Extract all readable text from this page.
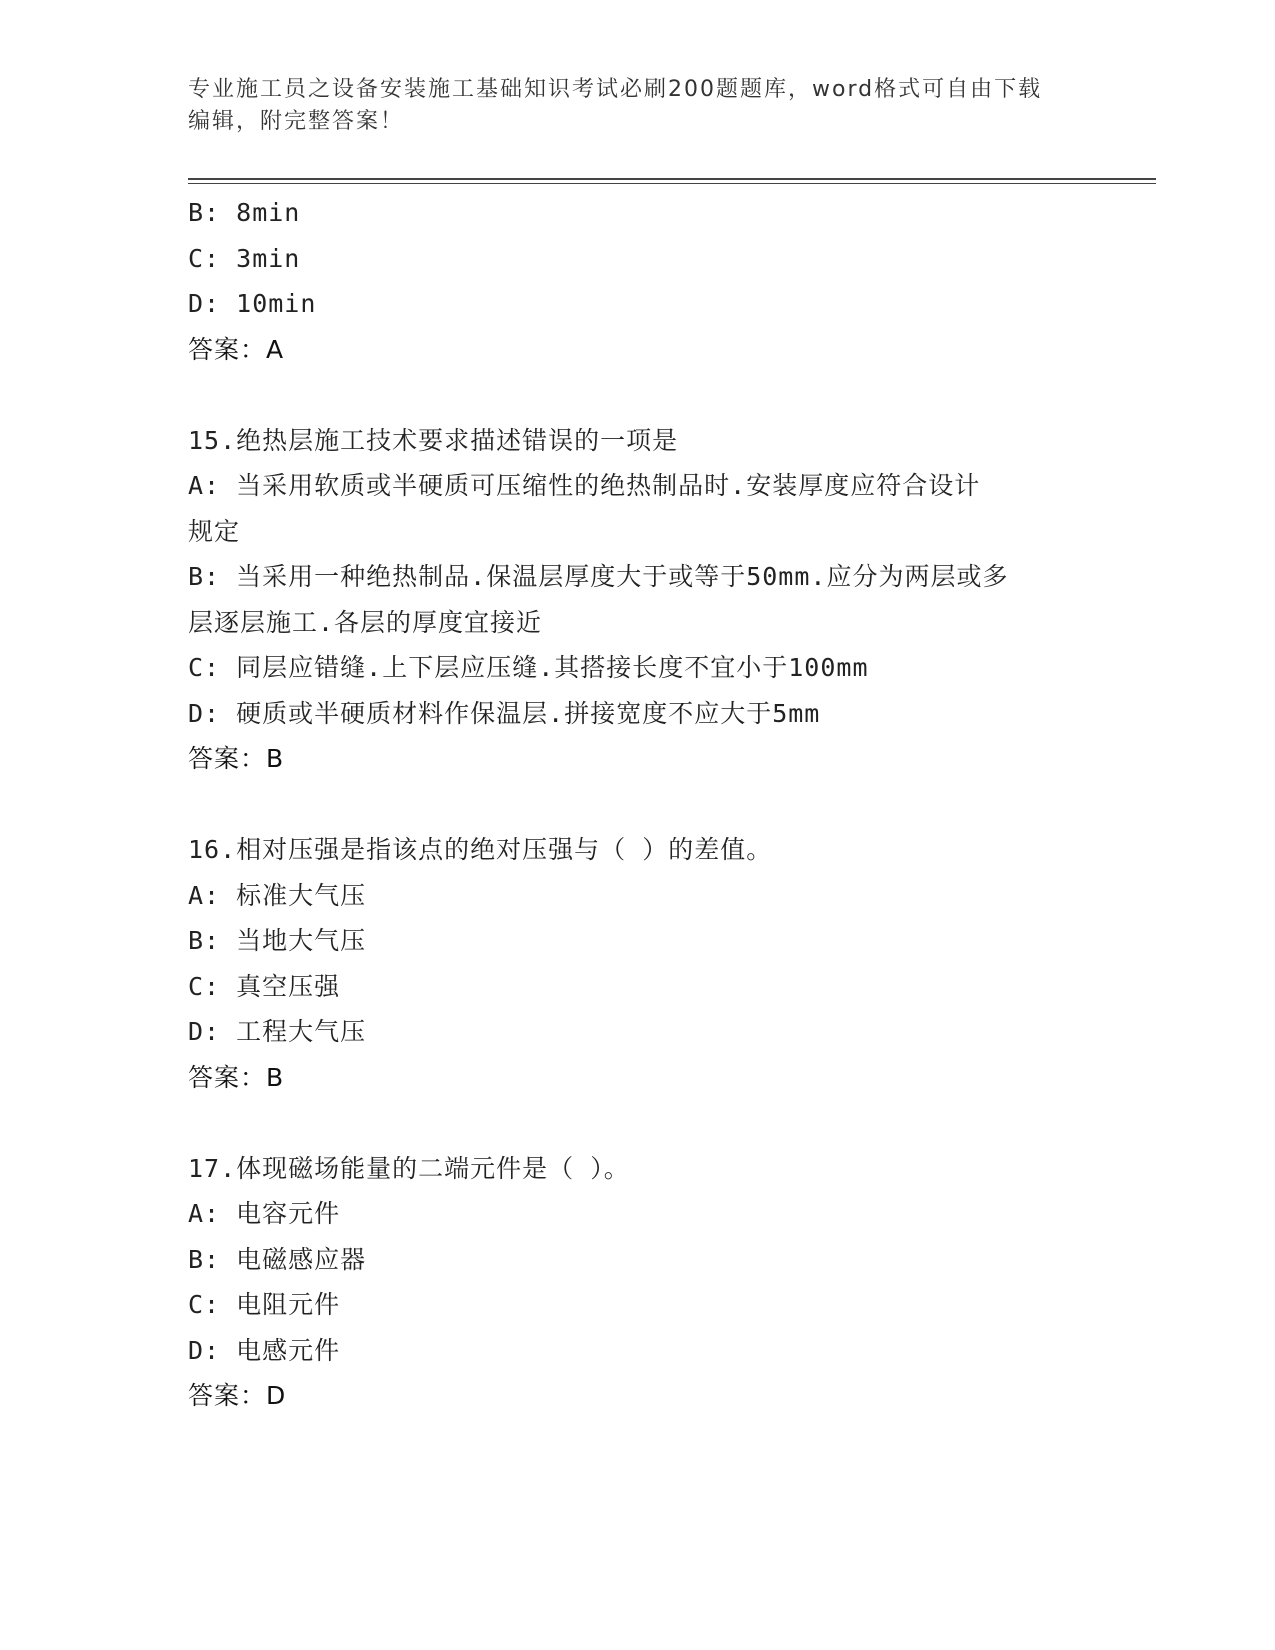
专业施工员之设备安装施工基础知识考试必刷200题题库，word格式可自由下载
编辑，附完整答案！
B: 8min
C: 3min
D: 10min
答案：A
15.绝热层施工技术要求描述错误的一项是
A: 当采用软质或半硬质可压缩性的绝热制品时.安装厚度应符合设计
规定
B: 当采用一种绝热制品.保温层厚度大于或等于50mm.应分为两层或多
层逐层施工.各层的厚度宜接近
C: 同层应错缝.上下层应压缝.其搭接长度不宜小于100mm
D: 硬质或半硬质材料作保温层.拼接宽度不应大于5mm
答案：B
16.相对压强是指该点的绝对压强与（ ）的差值。
A: 标准大气压
B: 当地大气压
C: 真空压强
D: 工程大气压
答案：B
17.体现磁场能量的二端元件是（ ）。
A: 电容元件
B: 电磁感应器
C: 电阻元件
D: 电感元件
答案：D
